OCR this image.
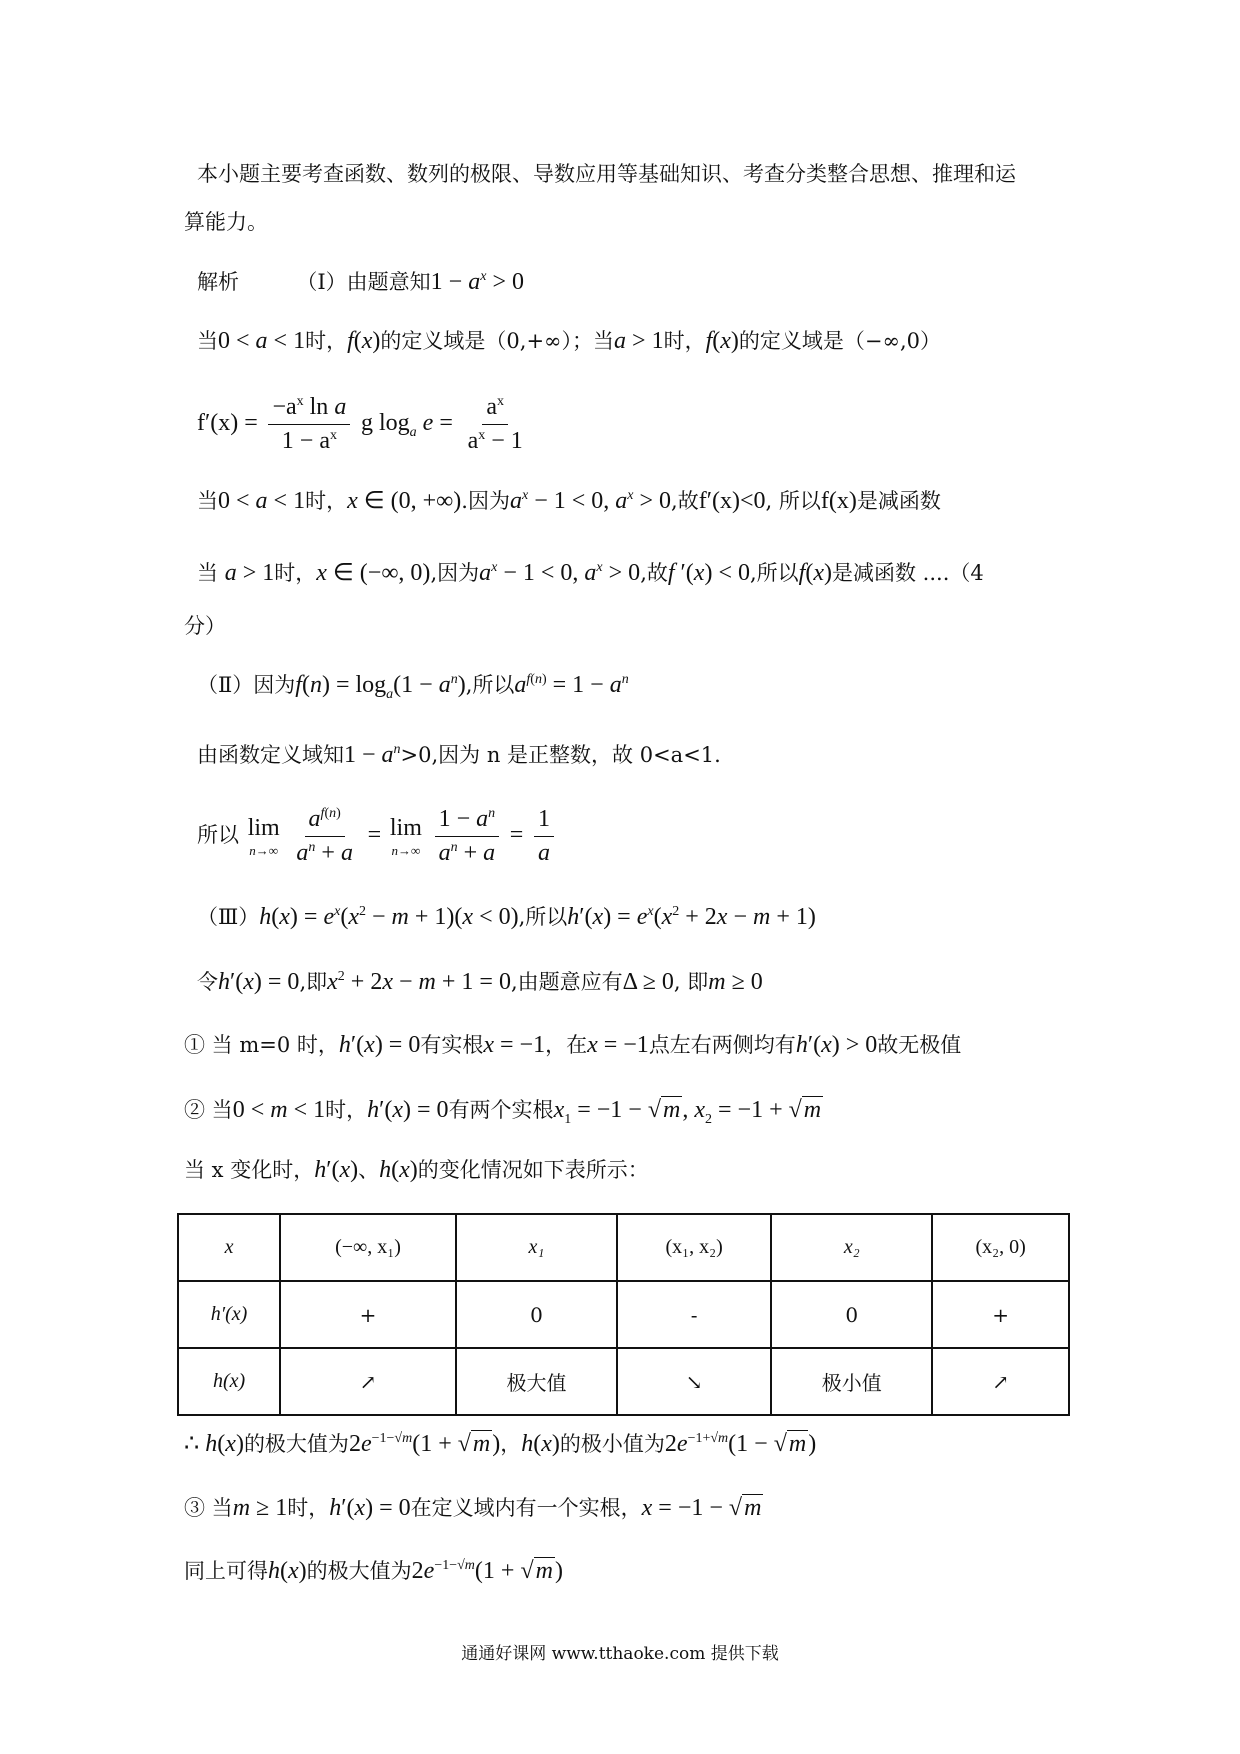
本小题主要考查函数、数列的极限、导数应用等基础知识、考查分类整合思想、推理和运
算能力。
解析	（Ⅰ）由题意知$1 - a^x > 0$
当0 < a < 1时，f(x)的定义域是（0,+∞）；当a > 1时，f(x)的定义域是（−∞,0）
$f'(x) = \frac{-a^x \ln a}{1 - a^x}$ g $\log_a e = \frac{a^x}{a^x - 1}$
当0 < a < 1时，x ∈ (0, +∞).因为$a^x - 1 < 0$, $a^x > 0$,故f′(x)<0, 所以f(x)是减函数
当 a > 1时，x ∈ (−∞, 0),因为$a^x - 1 < 0$, $a^x > 0$,故f ′(x) < 0,所以f(x)是减函数 ....（4
分）
（Ⅱ）因为$f(n) = \log_a(1 - a^n)$,所以$a^{f(n)} = 1 - a^n$
由函数定义域知$1 - a^n>0$,因为 n 是正整数，故 0<a<1.
所以 lim
n→∞
$\frac{a^{f(n)}}{a^n + a} = \lim$
n→∞
$\frac{1 - a^n}{a^n + a} = \frac{1}{a}$
（Ⅲ）h(x) = $e^x(x^2 - m + 1)(x < 0)$,所以$h'(x) = e^x(x^2 + 2x - m + 1)$
令h′(x) = 0,即$x^2 + 2x - m + 1 = 0$,由题意应有Δ ≥ 0, 即m ≥ 0
① 当 m=0 时，h′(x) = 0有实根x = −1，在x = −1点左右两侧均有h′(x) > 0故无极值
② 当0 < m < 1时，h′(x) = 0有两个实根$x_1 = -1 - √m$, $x_2 = -1 + √m$
当 x 变化时，h′(x)、h(x)的变化情况如下表所示：
x	(−∞, x₁)	x₁	(x₁, x₂)	x₂	(x₂, 0)
h′(x)	+	0	-	0	+
h(x)	↗	极大值	↘	极小值	↗
∴ h(x)的极大值为$2e^{-1-√m}(1 + √m)$，h(x)的极小值为$2e^{-1+√m}(1 - √m)$
③ 当m ≥ 1时，h′(x) = 0在定义域内有一个实根，x = −1 − √m
同上可得h(x)的极大值为$2e^{-1-√m}(1 + √m)$
通通好课网 www.tthaoke.com 提供下载
